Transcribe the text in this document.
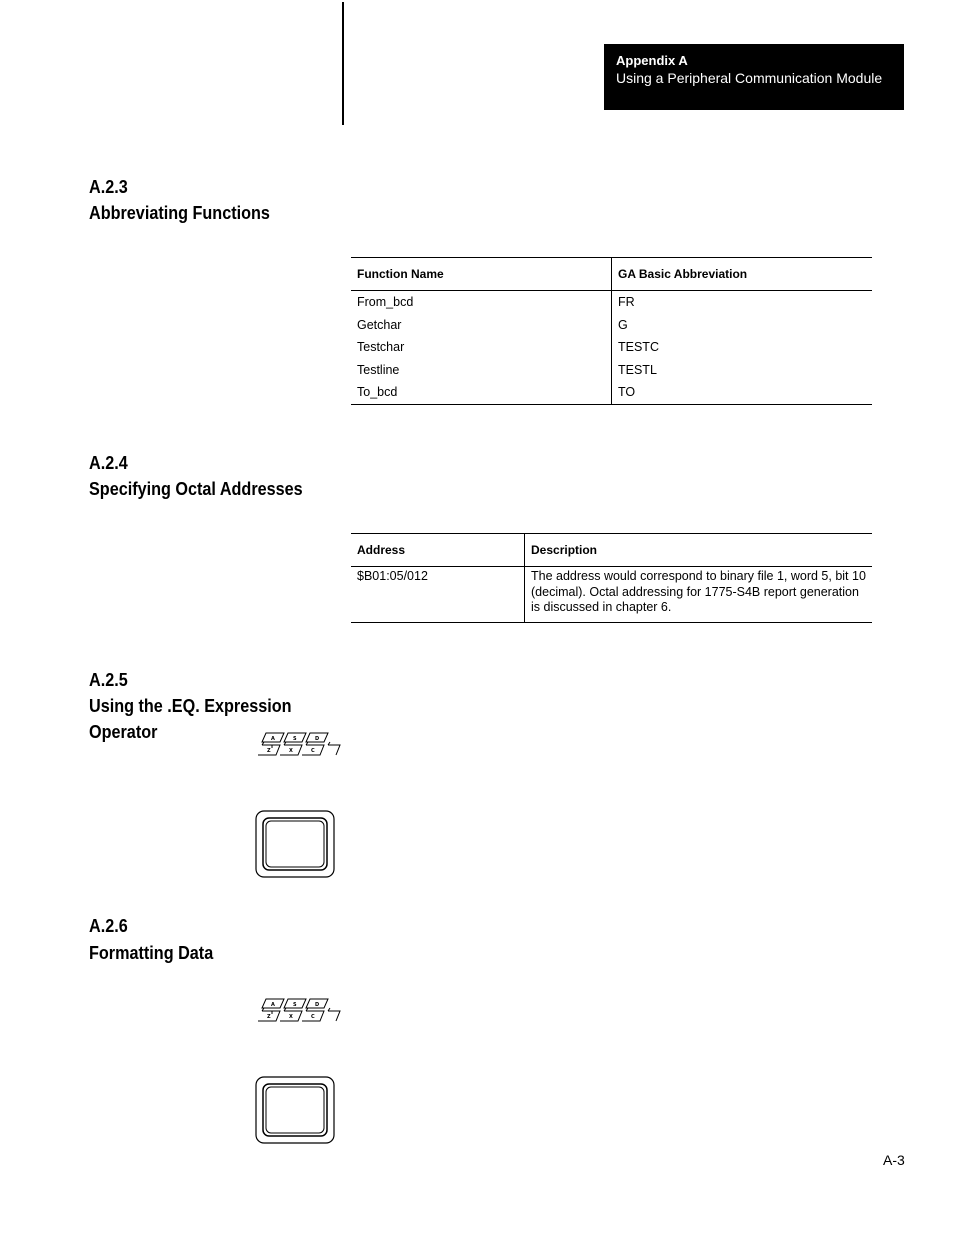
Appendix A
Using a Peripheral Communication Module
A.2.3
Abbreviating Functions
Function Name	GA Basic Abbreviation
From_bcd	FR
Getchar	G
Testchar	TESTC
Testline	TESTL
To_bcd	TO
A.2.4
Specifying Octal Addresses
Address	Description
$B01:05/012	The address would correspond to binary file 1, word 5, bit 10 (decimal). Octal addressing for 1775-S4B report generation is discussed in chapter 6.
A.2.5
Using the .EQ. Expression Operator	A	S	D
Z	X	C
A.2.6
Formatting Data
A	S	D
Z	X	C
A-3
